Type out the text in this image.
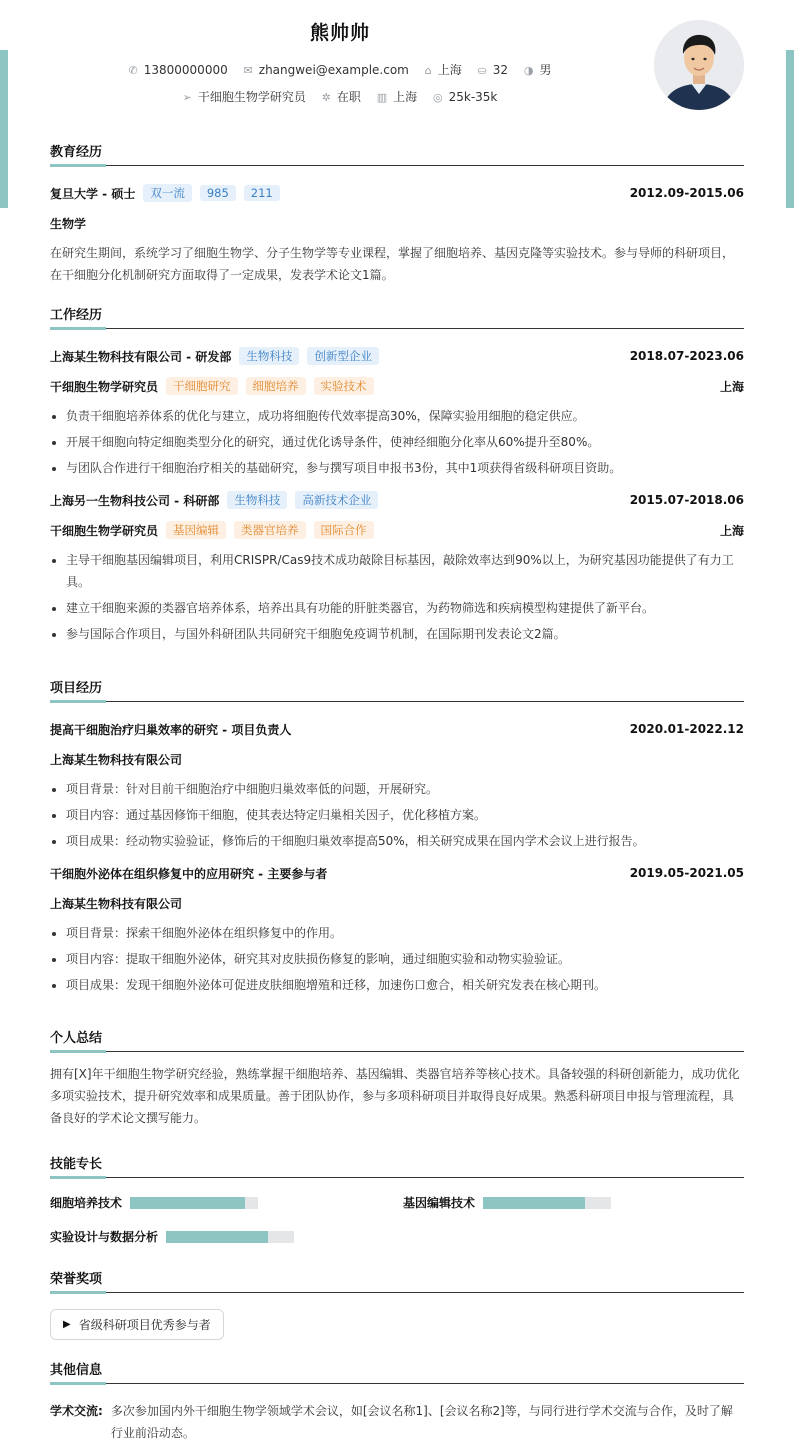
熊帅帅
✆ 13800000000 ✉ zhangwei@example.com ⌂ 上海 ⛀ 32 ◑ 男
➢ 干细胞生物学研究员 ✲ 在职 ▥ 上海 ◎ 25k-35k
教育经历
复旦大学 - 硕士	双一流	985	211	2012.09-2015.06
生物学
在研究生期间，系统学习了细胞生物学、分子生物学等专业课程，掌握了细胞培养、基因克隆等实验技术。参与导师的科研项目，在干细胞分化机制研究方面取得了一定成果，发表学术论文1篇。
工作经历
上海某生物科技有限公司 - 研发部	生物科技	创新型企业	2018.07-2023.06
干细胞生物学研究员	干细胞研究	细胞培养	实验技术	上海
• 负责干细胞培养体系的优化与建立，成功将细胞传代效率提高30%，保障实验用细胞的稳定供应。
• 开展干细胞向特定细胞类型分化的研究，通过优化诱导条件，使神经细胞分化率从60%提升至80%。
• 与团队合作进行干细胞治疗相关的基础研究，参与撰写项目申报书3份，其中1项获得省级科研项目资助。
上海另一生物科技公司 - 科研部	生物科技	高新技术企业	2015.07-2018.06
干细胞生物学研究员	基因编辑	类器官培养	国际合作	上海
• 主导干细胞基因编辑项目，利用CRISPR/Cas9技术成功敲除目标基因，敲除效率达到90%以上，为研究基因功能提供了有力工具。
• 建立干细胞来源的类器官培养体系，培养出具有功能的肝脏类器官，为药物筛选和疾病模型构建提供了新平台。
• 参与国际合作项目，与国外科研团队共同研究干细胞免疫调节机制，在国际期刊发表论文2篇。
项目经历
提高干细胞治疗归巢效率的研究 - 项目负责人	2020.01-2022.12
上海某生物科技有限公司
• 项目背景：针对目前干细胞治疗中细胞归巢效率低的问题，开展研究。
• 项目内容：通过基因修饰干细胞，使其表达特定归巢相关因子，优化移植方案。
• 项目成果：经动物实验验证，修饰后的干细胞归巢效率提高50%，相关研究成果在国内学术会议上进行报告。
干细胞外泌体在组织修复中的应用研究 - 主要参与者	2019.05-2021.05
上海某生物科技有限公司
• 项目背景：探索干细胞外泌体在组织修复中的作用。
• 项目内容：提取干细胞外泌体，研究其对皮肤损伤修复的影响，通过细胞实验和动物实验验证。
• 项目成果：发现干细胞外泌体可促进皮肤细胞增殖和迁移，加速伤口愈合，相关研究发表在核心期刊。
个人总结
拥有[X]年干细胞生物学研究经验，熟练掌握干细胞培养、基因编辑、类器官培养等核心技术。具备较强的科研创新能力，成功优化多项实验技术，提升研究效率和成果质量。善于团队协作，参与多项科研项目并取得良好成果。熟悉科研项目申报与管理流程，具备良好的学术论文撰写能力。
技能专长
细胞培养技术	基因编辑技术
实验设计与数据分析
荣誉奖项
▶ 省级科研项目优秀参与者
其他信息
学术交流: 多次参加国内外干细胞生物学领域学术会议，如[会议名称1]、[会议名称2]等，与同行进行学术交流与合作，及时了解行业前沿动态。
